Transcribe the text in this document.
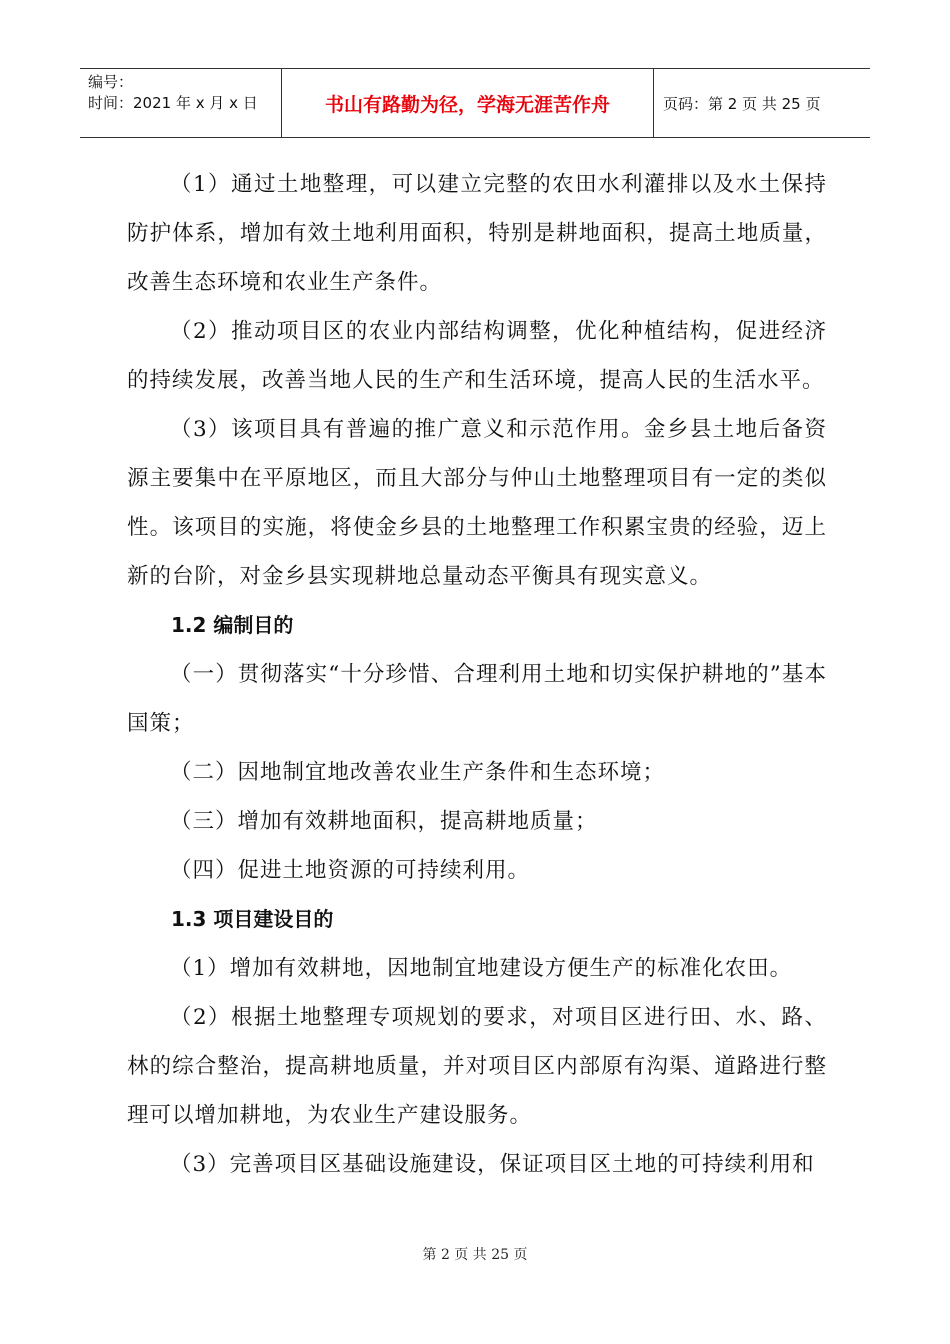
编号：
时间：2021 年 x 月 x 日	书山有路勤为径，学海无涯苦作舟	页码：第 2 页 共 25 页

（1）通过土地整理，可以建立完整的农田水利灌排以及水土保持防护体系，增加有效土地利用面积，特别是耕地面积，提高土地质量，改善生态环境和农业生产条件。

（2）推动项目区的农业内部结构调整，优化种植结构，促进经济的持续发展，改善当地人民的生产和生活环境，提高人民的生活水平。

（3）该项目具有普遍的推广意义和示范作用。金乡县土地后备资源主要集中在平原地区，而且大部分与仲山土地整理项目有一定的类似性。该项目的实施，将使金乡县的土地整理工作积累宝贵的经验，迈上新的台阶，对金乡县实现耕地总量动态平衡具有现实意义。

1.2 编制目的

（一）贯彻落实“十分珍惜、合理利用土地和切实保护耕地的”基本国策；

（二）因地制宜地改善农业生产条件和生态环境；

（三）增加有效耕地面积，提高耕地质量；

（四）促进土地资源的可持续利用。

1.3 项目建设目的

（1）增加有效耕地，因地制宜地建设方便生产的标准化农田。

（2）根据土地整理专项规划的要求，对项目区进行田、水、路、林的综合整治，提高耕地质量，并对项目区内部原有沟渠、道路进行整理可以增加耕地，为农业生产建设服务。

（3）完善项目区基础设施建设，保证项目区土地的可持续利用和

第 2 页 共 25 页
